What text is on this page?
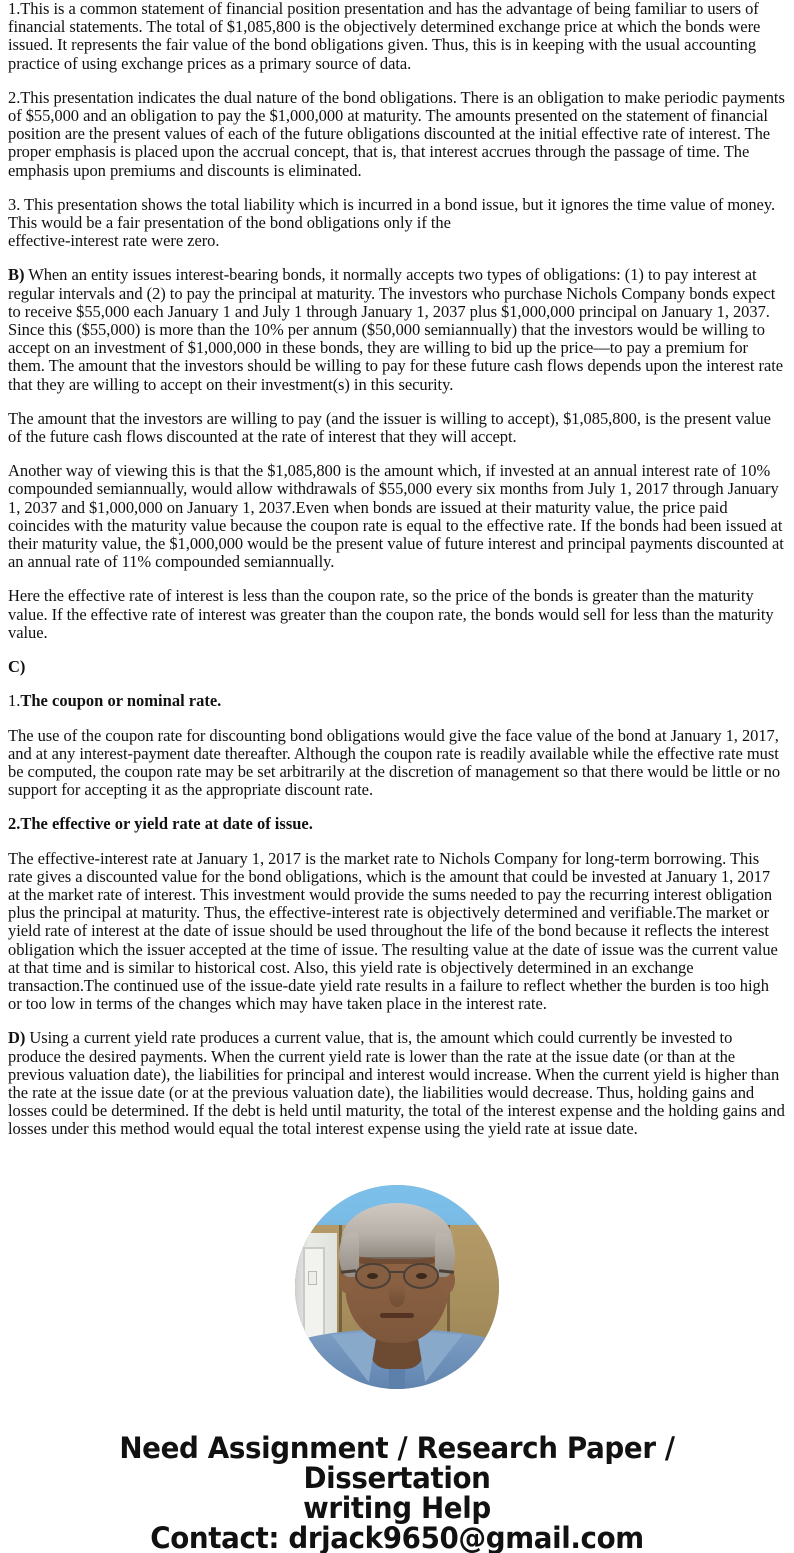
1.This is a common statement of financial position presentation and has the advantage of being familiar to users of financial statements. The total of $1,085,800 is the objectively determined exchange price at which the bonds were issued. It represents the fair value of the bond obligations given. Thus, this is in keeping with the usual accounting practice of using exchange prices as a primary source of data.

2.This presentation indicates the dual nature of the bond obligations. There is an obligation to make periodic payments of $55,000 and an obligation to pay the $1,000,000 at maturity. The amounts presented on the statement of financial position are the present values of each of the future obligations discounted at the initial effective rate of interest. The proper emphasis is placed upon the accrual concept, that is, that interest accrues through the passage of time. The emphasis upon premiums and discounts is eliminated.

3. This presentation shows the total liability which is incurred in a bond issue, but it ignores the time value of money. This would be a fair presentation of the bond obligations only if the

effective-interest rate were zero.

B) When an entity issues interest-bearing bonds, it normally accepts two types of obligations: (1) to pay interest at regular intervals and (2) to pay the principal at maturity. The investors who purchase Nichols Company bonds expect to receive $55,000 each January 1 and July 1 through January 1, 2037 plus $1,000,000 principal on January 1, 2037. Since this ($55,000) is more than the 10% per annum ($50,000 semiannually) that the investors would be willing to accept on an investment of $1,000,000 in these bonds, they are willing to bid up the price—to pay a premium for them. The amount that the investors should be willing to pay for these future cash flows depends upon the interest rate that they are willing to accept on their investment(s) in this security.

The amount that the investors are willing to pay (and the issuer is willing to accept), $1,085,800, is the present value of the future cash flows discounted at the rate of interest that they will accept.

Another way of viewing this is that the $1,085,800 is the amount which, if invested at an annual interest rate of 10% compounded semiannually, would allow withdrawals of $55,000 every six months from July 1, 2017 through January 1, 2037 and $1,000,000 on January 1, 2037.Even when bonds are issued at their maturity value, the price paid coincides with the maturity value because the coupon rate is equal to the effective rate. If the bonds had been issued at their maturity value, the $1,000,000 would be the present value of future interest and principal payments discounted at an annual rate of 11% compounded semiannually.

Here the effective rate of interest is less than the coupon rate, so the price of the bonds is greater than the maturity value. If the effective rate of interest was greater than the coupon rate, the bonds would sell for less than the maturity value.

C)

1.The coupon or nominal rate.

The use of the coupon rate for discounting bond obligations would give the face value of the bond at January 1, 2017, and at any interest-payment date thereafter. Although the coupon rate is readily available while the effective rate must be computed, the coupon rate may be set arbitrarily at the discretion of management so that there would be little or no support for accepting it as the appropriate discount rate.

2.The effective or yield rate at date of issue.

The effective-interest rate at January 1, 2017 is the market rate to Nichols Company for long-term borrowing. This rate gives a discounted value for the bond obligations, which is the amount that could be invested at January 1, 2017 at the market rate of interest. This investment would provide the sums needed to pay the recurring interest obligation plus the principal at maturity. Thus, the effective-interest rate is objectively determined and verifiable.The market or yield rate of interest at the date of issue should be used throughout the life of the bond because it reflects the interest obligation which the issuer accepted at the time of issue. The resulting value at the date of issue was the current value at that time and is similar to historical cost. Also, this yield rate is objectively determined in an exchange transaction.The continued use of the issue-date yield rate results in a failure to reflect whether the burden is too high or too low in terms of the changes which may have taken place in the interest rate.

D) Using a current yield rate produces a current value, that is, the amount which could currently be invested to produce the desired payments. When the current yield rate is lower than the rate at the issue date (or than at the previous valuation date), the liabilities for principal and interest would increase. When the current yield is higher than the rate at the issue date (or at the previous valuation date), the liabilities would decrease. Thus, holding gains and losses could be determined. If the debt is held until maturity, the total of the interest expense and the holding gains and losses under this method would equal the total interest expense using the yield rate at issue date.

Need Assignment / Research Paper / Dissertation
writing Help
Contact: drjack9650@gmail.com
